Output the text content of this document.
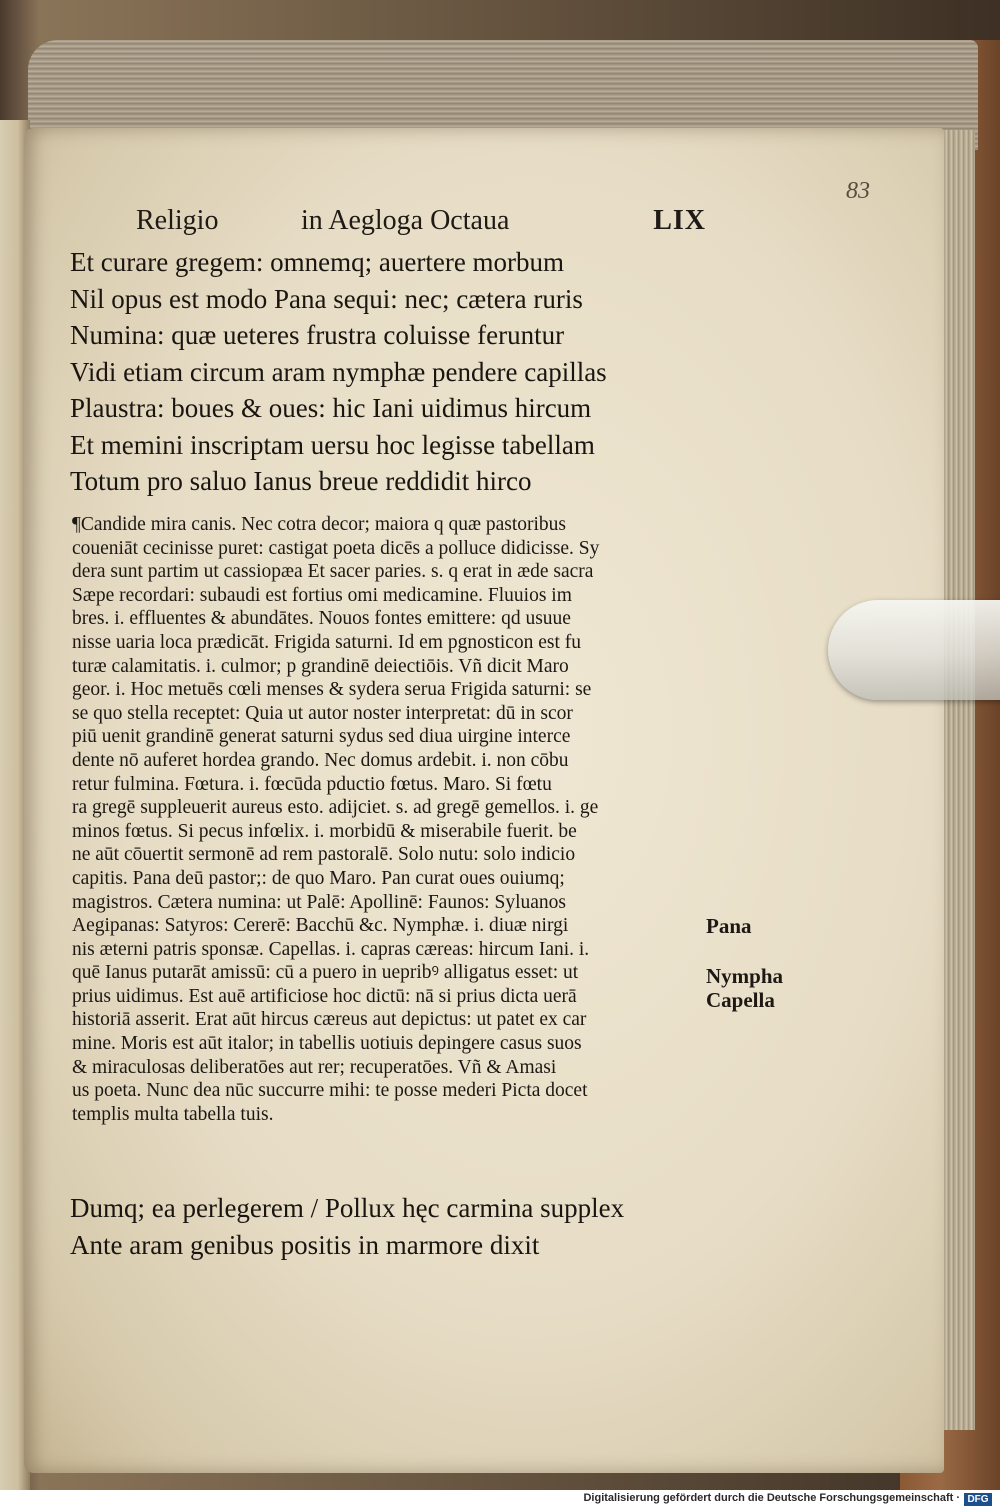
83
Religio	in Aegloga Octaua	LIX
Et curare gregem: omnemq; auertere morbum
Nil opus est modo Pana sequi: nec; cætera ruris
Numina: quæ ueteres frustra coluisse feruntur
Vidi etiam circum aram nymphæ pendere capillas
Plaustra: boues & oues: hic Iani uidimus hircum
Et memini inscriptam uersu hoc legisse tabellam
Totum pro saluo Ianus breue reddidit hirco
¶Candide mira canis. Nec cotra decor; maiora q quæ pastoribus
coueniāt cecinisse puret: castigat poeta dicēs a polluce didicisse. Sy
dera sunt partim ut cassiopæa Et sacer paries. s. q erat in æde sacra
Sæpe recordari: subaudi est fortius omi medicamine. Fluuios im
bres. i. effluentes & abundātes. Nouos fontes emittere: qd usuue
nisse uaria loca prædicāt. Frigida saturni. Id em pgnosticon est fu
turæ calamitatis. i. culmor; p grandinē deiectiōis. Vñ dicit Maro
geor. i. Hoc metuēs cœli menses & sydera serua Frigida saturni: se
se quo stella receptet: Quia ut autor noster interpretat: dū in scor
piū uenit grandinē generat saturni sydus sed diua uirgine interce
dente nō auferet hordea grando. Nec domus ardebit. i. non cōbu
retur fulmina. Fœtura. i. fœcūda pductio fœtus. Maro. Si fœtu
ra gregē suppleuerit aureus esto. adijciet. s. ad gregē gemellos. i. ge
minos fœtus. Si pecus infœlix. i. morbidū & miserabile fuerit. be
ne aūt cōuertit sermonē ad rem pastoralē. Solo nutu: solo indicio
capitis. Pana deū pastor;: de quo Maro. Pan curat oues ouiumq;
magistros. Cætera numina: ut Palē: Apollinē: Faunos: Syluanos
Aegipanas: Satyros: Cererē: Bacchū &c. Nymphæ. i. diuæ nirgi
nis æterni patris sponsæ. Capellas. i. capras cæreas: hircum Iani. i.
quē Ianus putarāt amissū: cū a puero in uepribꝰ alligatus esset: ut
prius uidimus. Est auē artificiose hoc dictū: nā si prius dicta uerā
historiā asserit. Erat aūt hircus cæreus aut depictus: ut patet ex car
mine. Moris est aūt italor; in tabellis uotiuis depingere casus suos
& miraculosas deliberatōes aut rer; recuperatōes. Vñ & Amasi
us poeta. Nunc dea nūc succurre mihi: te posse mederi Picta docet
templis multa tabella tuis.
Pana
Nympha
Capella
Dumq; ea perlegerem / Pollux hęc carmina supplex
Ante aram genibus positis in marmore dixit
Digitalisierung gefördert durch die Deutsche Forschungsgemeinschaft · DFG
